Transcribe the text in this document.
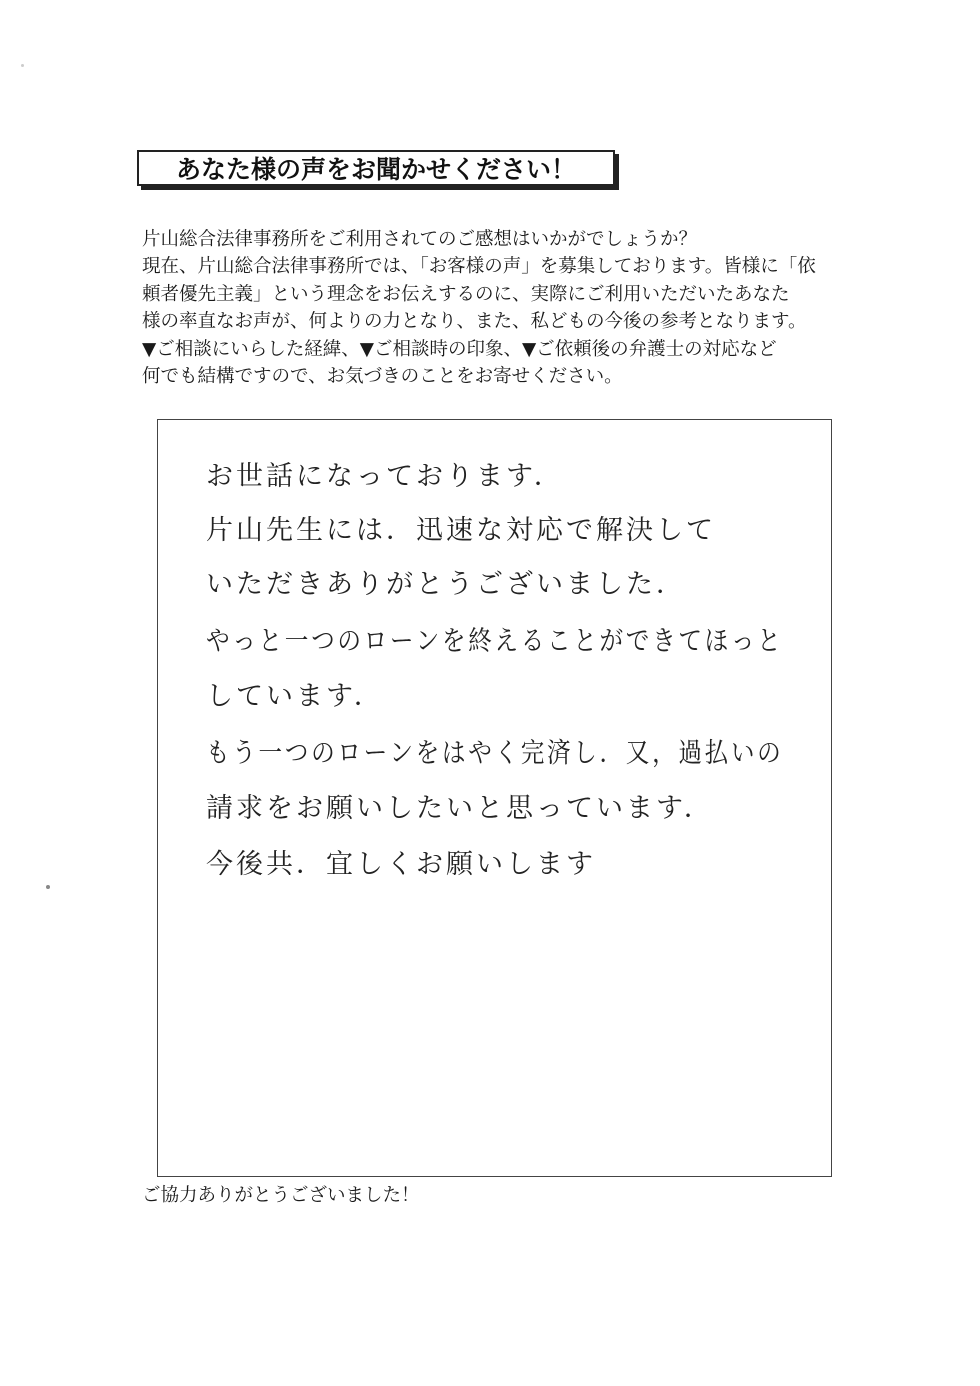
あなた様の声をお聞かせください！
片山総合法律事務所をご利用されてのご感想はいかがでしょうか？
現在、片山総合法律事務所では、「お客様の声」を募集しております。皆様に「依
頼者優先主義」という理念をお伝えするのに、実際にご利用いただいたあなた
様の率直なお声が、何よりの力となり、また、私どもの今後の参考となります。
▼ご相談にいらした経緯、▼ご相談時の印象、▼ご依頼後の弁護士の対応など
何でも結構ですので、お気づきのことをお寄せください。
お世話になっております．
片山先生には．迅速な対応で解決して
いただきありがとうございました．
やっと一つのローンを終えることができてほっと
しています．
もう一つのローンをはやく完済し．又，過払いの
請求をお願いしたいと思っています．
今後共．宜しくお願いします
ご協力ありがとうございました！
